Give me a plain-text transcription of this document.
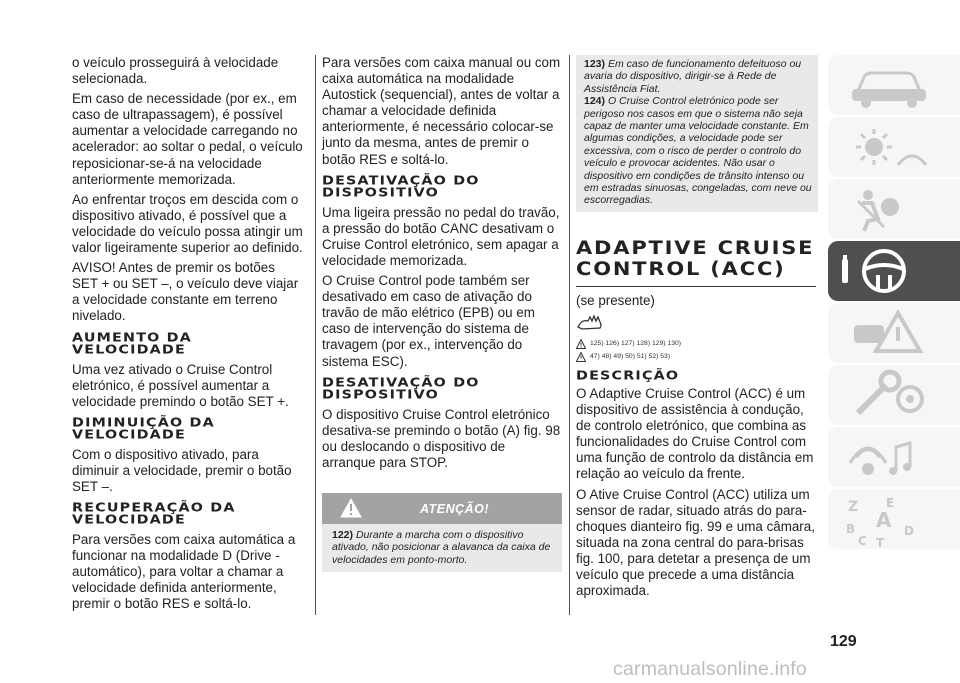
o veículo prosseguirá à velocidade selecionada.

Em caso de necessidade (por ex., em caso de ultrapassagem), é possível aumentar a velocidade carregando no acelerador: ao soltar o pedal, o veículo reposicionar-se-á na velocidade anteriormente memorizada.

Ao enfrentar troços em descida com o dispositivo ativado, é possível que a velocidade do veículo possa atingir um valor ligeiramente superior ao definido.

AVISO! Antes de premir os botões SET + ou SET –, o veículo deve viajar a velocidade constante em terreno nivelado.

AUMENTO DA
VELOCIDADE

Uma vez ativado o Cruise Control eletrónico, é possível aumentar a velocidade premindo o botão SET +.

DIMINUIÇÃO DA
VELOCIDADE

Com o dispositivo ativado, para diminuir a velocidade, premir o botão SET –.

RECUPERAÇÃO DA
VELOCIDADE

Para versões com caixa automática a funcionar na modalidade D (Drive - automático), para voltar a chamar a velocidade definida anteriormente, premir o botão RES e soltá-lo.

Para versões com caixa manual ou com caixa automática na modalidade Autostick (sequencial), antes de voltar a chamar a velocidade definida anteriormente, é necessário colocar-se junto da mesma, antes de premir o botão RES e soltá-lo.

DESATIVAÇÃO DO
DISPOSITIVO

Uma ligeira pressão no pedal do travão, a pressão do botão CANC desativam o Cruise Control eletrónico, sem apagar a velocidade memorizada.

O Cruise Control pode também ser desativado em caso de ativação do travão de mão elétrico (EPB) ou em caso de intervenção do sistema de travagem (por ex., intervenção do sistema ESC).

DESATIVAÇÃO DO
DISPOSITIVO

O dispositivo Cruise Control eletrónico desativa-se premindo o botão (A) fig. 98 ou deslocando o dispositivo de arranque para STOP.

ATENÇÃO!

122) Durante a marcha com o dispositivo ativado, não posicionar a alavanca da caixa de velocidades em ponto-morto.

123) Em caso de funcionamento defeituoso ou avaria do dispositivo, dirigir-se à Rede de Assistência Fiat.

124) O Cruise Control eletrónico pode ser perigoso nos casos em que o sistema não seja capaz de manter uma velocidade constante. Em algumas condições, a velocidade pode ser excessiva, com o risco de perder o controlo do veículo e provocar acidentes. Não usar o dispositivo em condições de trânsito intenso ou em estradas sinuosas, congeladas, com neve ou escorregadias.

ADAPTIVE CRUISE
CONTROL (ACC)

(se presente)

125) 126) 127) 128) 129) 130)
47) 48) 49) 50) 51) 52) 53)
DESCRIÇÃO

O Adaptive Cruise Control (ACC) é um dispositivo de assistência à condução, de controlo eletrónico, que combina as funcionalidades do Cruise Control com uma função de controlo da distância em relação ao veículo da frente.

O Ative Cruise Control (ACC) utiliza um sensor de radar, situado atrás do para-choques dianteiro fig. 99 e uma câmara, situada na zona central do para-brisas fig. 100, para detetar a presença de um veículo que precede a uma distância aproximada.

Z E
A
B	D
C T
129
carmanualsonline.info
